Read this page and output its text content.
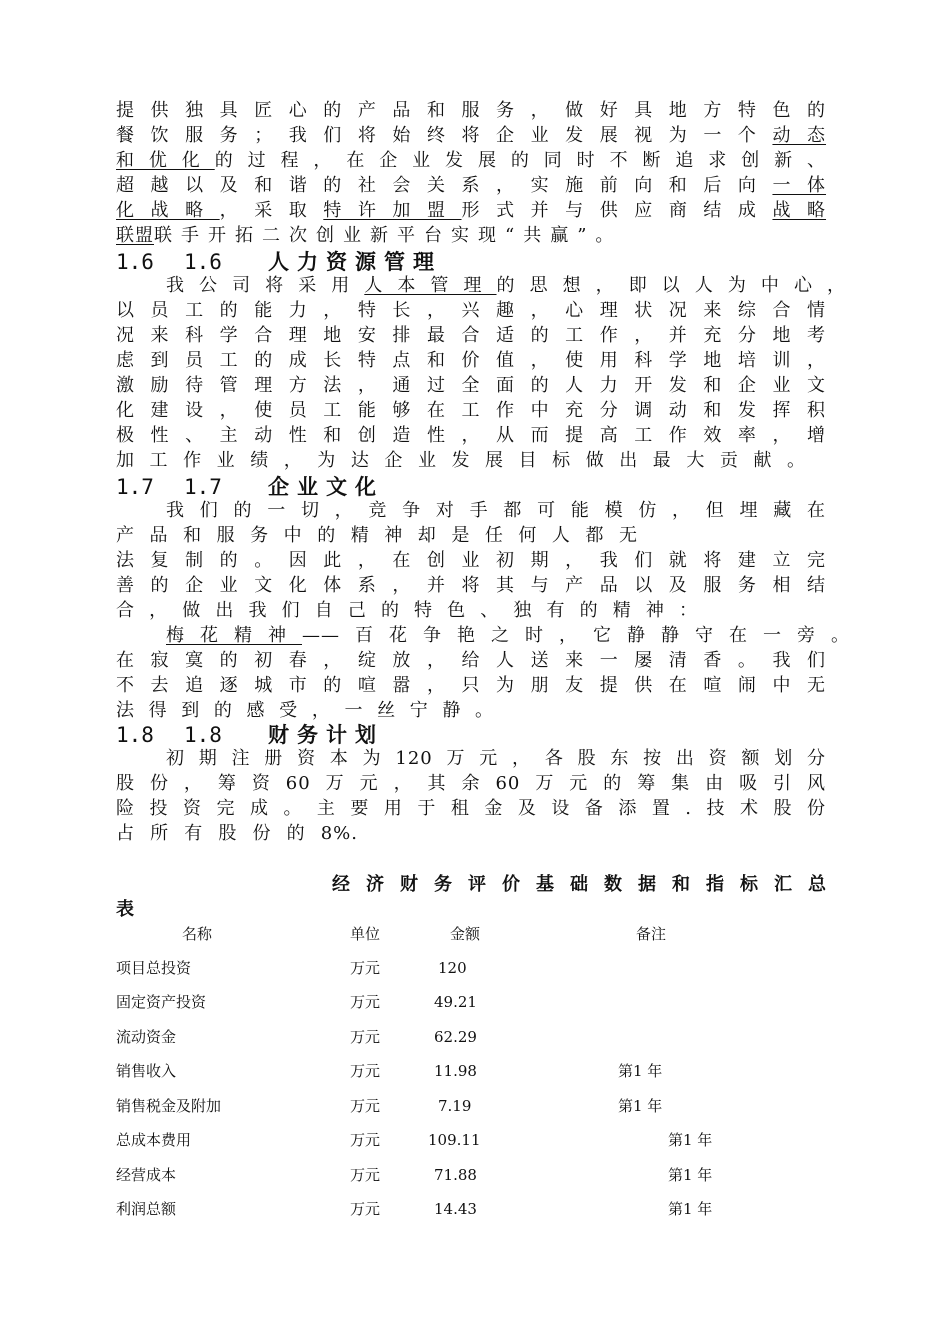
提供独具匠心的产品和服务，做好具地方特色的
餐饮服务；我们将始终将企业发展视为一个动态
和优化的过程，在企业发展的同时不断追求创新、
超越以及和谐的社会关系，实施前向和后向一体
化战略，采取特许加盟形式并与供应商结成战略
联盟联手开拓二次创业新平台实现“共赢”。
1.6 1.6 人力资源管理
我公司将采用人本管理的思想，即以人为中心，
以员工的能力，特长，兴趣，心理状况来综合情
况来科学合理地安排最合适的工作，并充分地考
虑到员工的成长特点和价值，使用科学地培训，
激励待管理方法，通过全面的人力开发和企业文
化建设，使员工能够在工作中充分调动和发挥积
极性、主动性和创造性，从而提高工作效率，增
加工作业绩，为达企业发展目标做出最大贡献。
1.7 1.7 企业文化
我们的一切，竞争对手都可能模仿，但埋藏在
产品和服务中的精神却是任何人都无
法复制的。因此，在创业初期，我们就将建立完
善的企业文化体系，并将其与产品以及服务相结
合，做出我们自己的特色、独有的精神：
梅花精神——百花争艳之时，它静静守在一旁。
在寂寞的初春，绽放，给人送来一屡清香。我们
不去追逐城市的喧嚣，只为朋友提供在喧闹中无
法得到的感受，一丝宁静。
1.8 1.8 财务计划
初期注册资本为120万元，各股东按出资额划分
股份，筹资60万元，其余60万元的筹集由吸引风
险投资完成。主要用于租金及设备添置.技术股份
占所有股份的8%.
经济财务评价基础数据和指标汇总
表
名称	单位	金额	备注
项目总投资	万元	120
固定资产投资	万元	49.21
流动资金	万元	62.29
销售收入	万元	11.98	第1 年
销售税金及附加	万元	7.19	第1 年
总成本费用	万元	109.11	第1 年
经营成本	万元	71.88	第1 年
利润总额	万元	14.43	第1 年
